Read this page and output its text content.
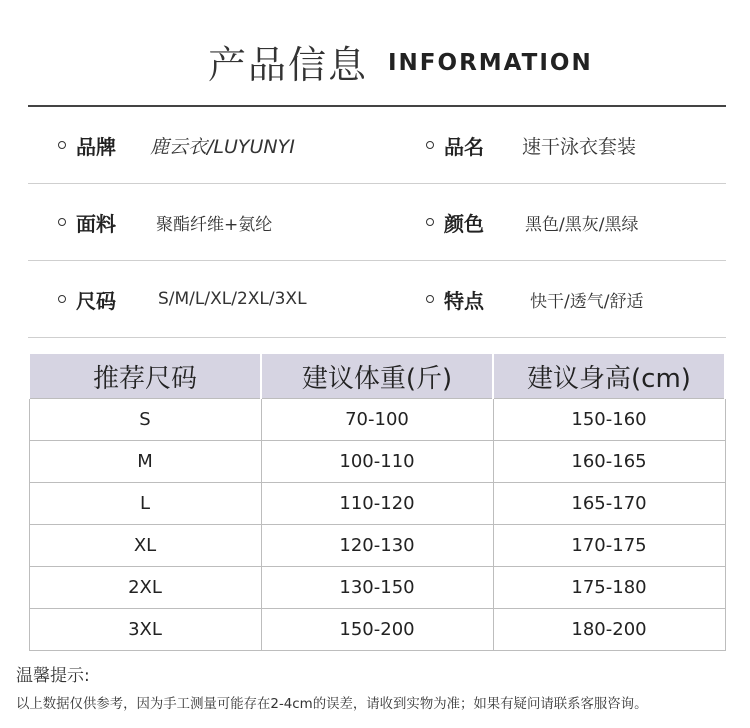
产品信息 INFORMATION
品牌 鹿云衣/LUYUNYI	品名 速干泳衣套装
面料 聚酯纤维+氨纶	颜色 黑色/黑灰/黑绿
尺码 S/M/L/XL/2XL/3XL	特点	快干/透气/舒适
推荐尺码	建议体重(斤)	建议身高(cm)
S	70-100	150-160
M	100-110	160-165
L	110-120	165-170
XL	120-130	170-175
2XL	130-150	175-180
3XL	150-200	180-200
温馨提示:
以上数据仅供参考，因为手工测量可能存在2-4cm的误差，请收到实物为准；如果有疑问请联系客服咨询。
